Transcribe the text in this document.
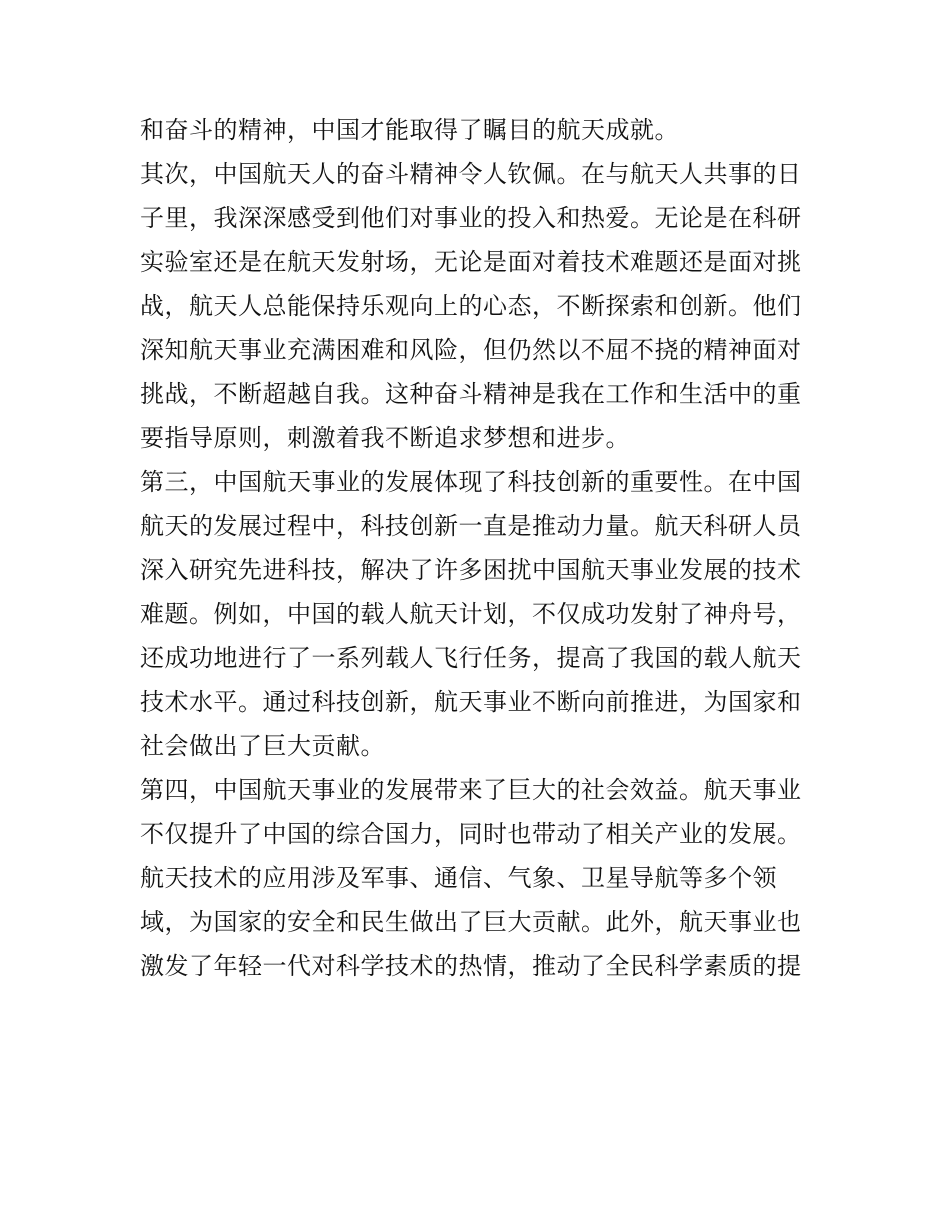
和奋斗的精神，中国才能取得了瞩目的航天成就。
其次，中国航天人的奋斗精神令人钦佩。在与航天人共事的日
子里，我深深感受到他们对事业的投入和热爱。无论是在科研
实验室还是在航天发射场，无论是面对着技术难题还是面对挑
战，航天人总能保持乐观向上的心态，不断探索和创新。他们
深知航天事业充满困难和风险，但仍然以不屈不挠的精神面对
挑战，不断超越自我。这种奋斗精神是我在工作和生活中的重
要指导原则，刺激着我不断追求梦想和进步。
第三，中国航天事业的发展体现了科技创新的重要性。在中国
航天的发展过程中，科技创新一直是推动力量。航天科研人员
深入研究先进科技，解决了许多困扰中国航天事业发展的技术
难题。例如，中国的载人航天计划，不仅成功发射了神舟号，
还成功地进行了一系列载人飞行任务，提高了我国的载人航天
技术水平。通过科技创新，航天事业不断向前推进，为国家和
社会做出了巨大贡献。
第四，中国航天事业的发展带来了巨大的社会效益。航天事业
不仅提升了中国的综合国力，同时也带动了相关产业的发展。
航天技术的应用涉及军事、通信、气象、卫星导航等多个领
域，为国家的安全和民生做出了巨大贡献。此外，航天事业也
激发了年轻一代对科学技术的热情，推动了全民科学素质的提
